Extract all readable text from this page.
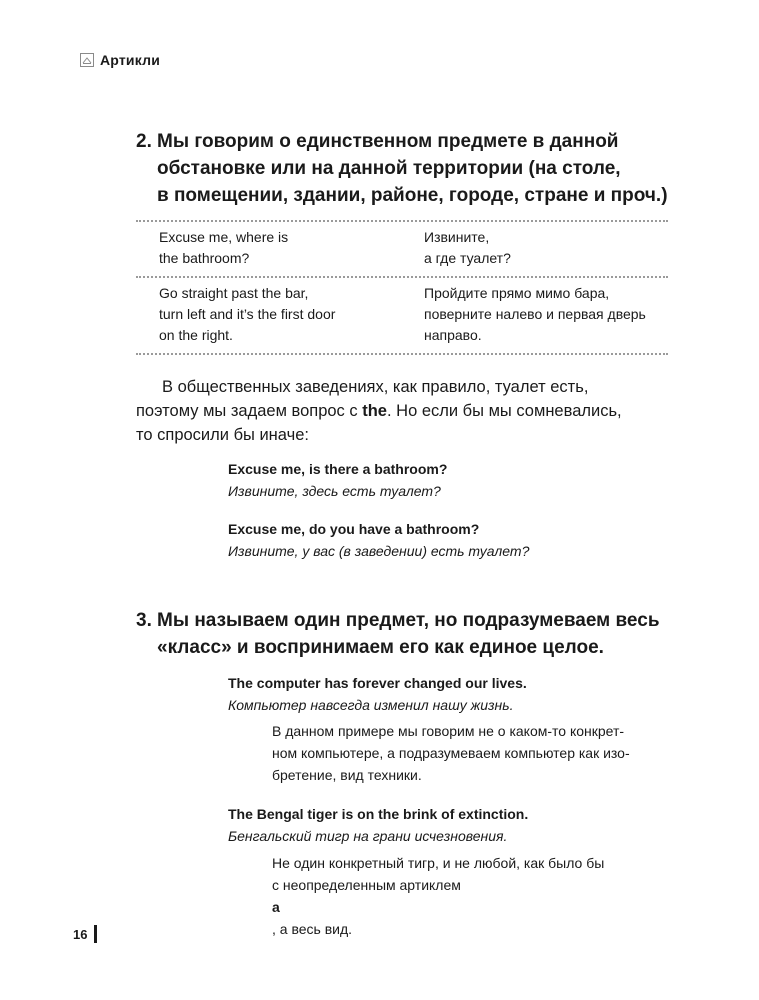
Артикли
2. Мы говорим о единственном предмете в данной
обстановке или на данной территории (на столе,
в помещении, здании, районе, городе, стране и проч.)
Excuse me, where is
the bathroom?
Извините,
а где туалет?
Go straight past the bar,
turn left and it’s the first door
on the right.
Пройдите прямо мимо бара,
поверните налево и первая дверь
направо.
В общественных заведениях, как правило, туалет есть,
поэтому мы задаем вопрос с the. Но если бы мы сомневались,
то спросили бы иначе:
Excuse me, is there a bathroom?
Извините, здесь есть туалет?
Excuse me, do you have a bathroom?
Извините, у вас (в заведении) есть туалет?
3. Мы называем один предмет, но подразумеваем весь
«класс» и воспринимаем его как единое целое.
The computer has forever changed our lives.
Компьютер навсегда изменил нашу жизнь.
В данном примере мы говорим не о каком-то конкрет-
ном компьютере, а подразумеваем компьютер как изо-
бретение, вид техники.
The Bengal tiger is on the brink of extinction.
Бенгальский тигр на грани исчезновения.
Не один конкретный тигр, и не любой, как было бы
с неопределенным артиклем
a
, а весь вид.
16
